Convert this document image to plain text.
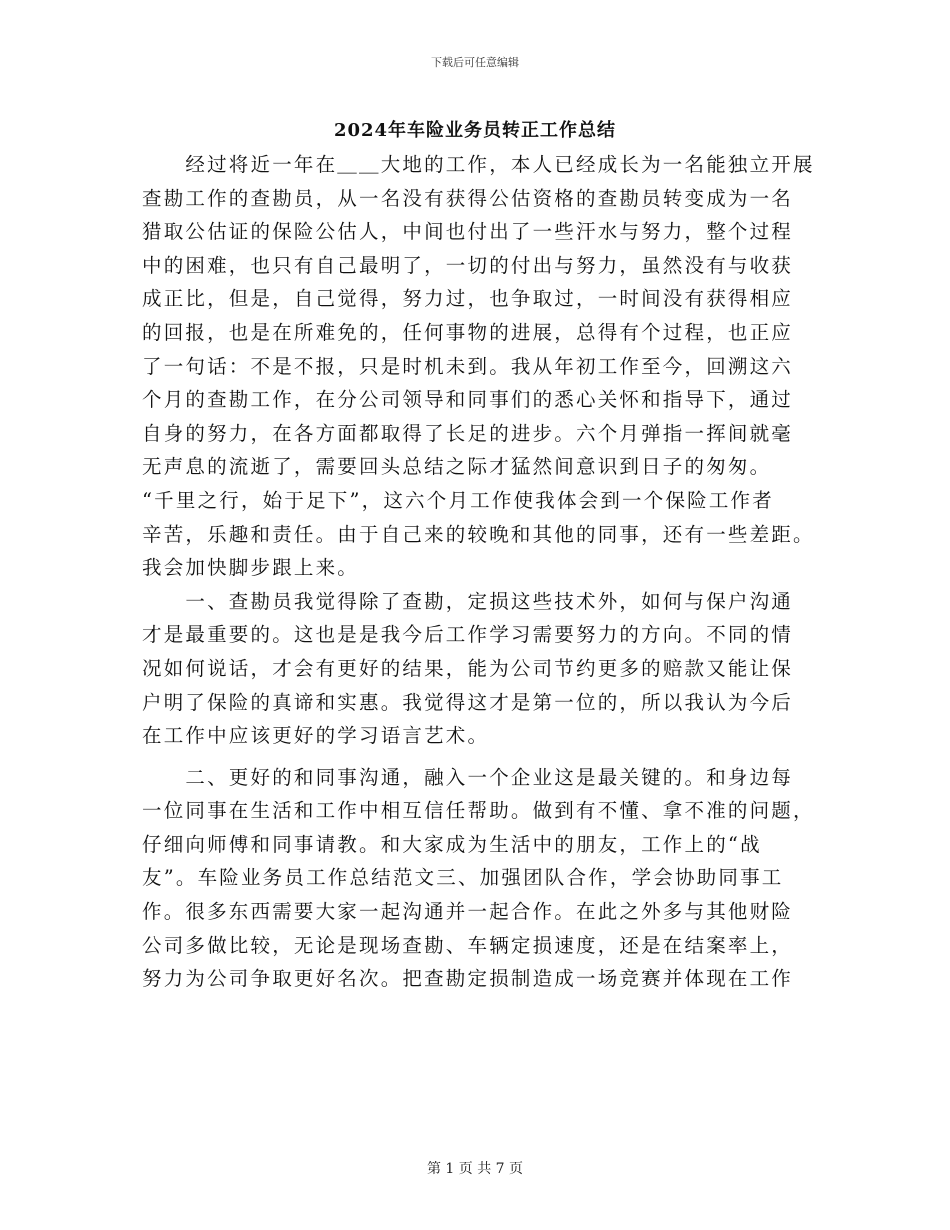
下载后可任意编辑
2024年车险业务员转正工作总结
　　经过将近一年在＿＿大地的工作，本人已经成长为一名能独立开展
查勘工作的查勘员，从一名没有获得公估资格的查勘员转变成为一名
猎取公估证的保险公估人，中间也付出了一些汗水与努力，整个过程
中的困难，也只有自己最明了，一切的付出与努力，虽然没有与收获
成正比，但是，自己觉得，努力过，也争取过，一时间没有获得相应
的回报，也是在所难免的，任何事物的进展，总得有个过程，也正应
了一句话：不是不报，只是时机未到。我从年初工作至今，回溯这六
个月的查勘工作，在分公司领导和同事们的悉心关怀和指导下，通过
自身的努力，在各方面都取得了长足的进步。六个月弹指一挥间就毫
无声息的流逝了，需要回头总结之际才猛然间意识到日子的匆匆。
“千里之行，始于足下”，这六个月工作使我体会到一个保险工作者
辛苦，乐趣和责任。由于自己来的较晚和其他的同事，还有一些差距。
我会加快脚步跟上来。
　　一、查勘员我觉得除了查勘，定损这些技术外，如何与保户沟通
才是最重要的。这也是是我今后工作学习需要努力的方向。不同的情
况如何说话，才会有更好的结果，能为公司节约更多的赔款又能让保
户明了保险的真谛和实惠。我觉得这才是第一位的，所以我认为今后
在工作中应该更好的学习语言艺术。
　　二、更好的和同事沟通，融入一个企业这是最关键的。和身边每
一位同事在生活和工作中相互信任帮助。做到有不懂、拿不准的问题，
仔细向师傅和同事请教。和大家成为生活中的朋友，工作上的“战
友”。车险业务员工作总结范文三、加强团队合作，学会协助同事工
作。很多东西需要大家一起沟通并一起合作。在此之外多与其他财险
公司多做比较，无论是现场查勘、车辆定损速度，还是在结案率上，
努力为公司争取更好名次。把查勘定损制造成一场竞赛并体现在工作
第 1 页 共 7 页
